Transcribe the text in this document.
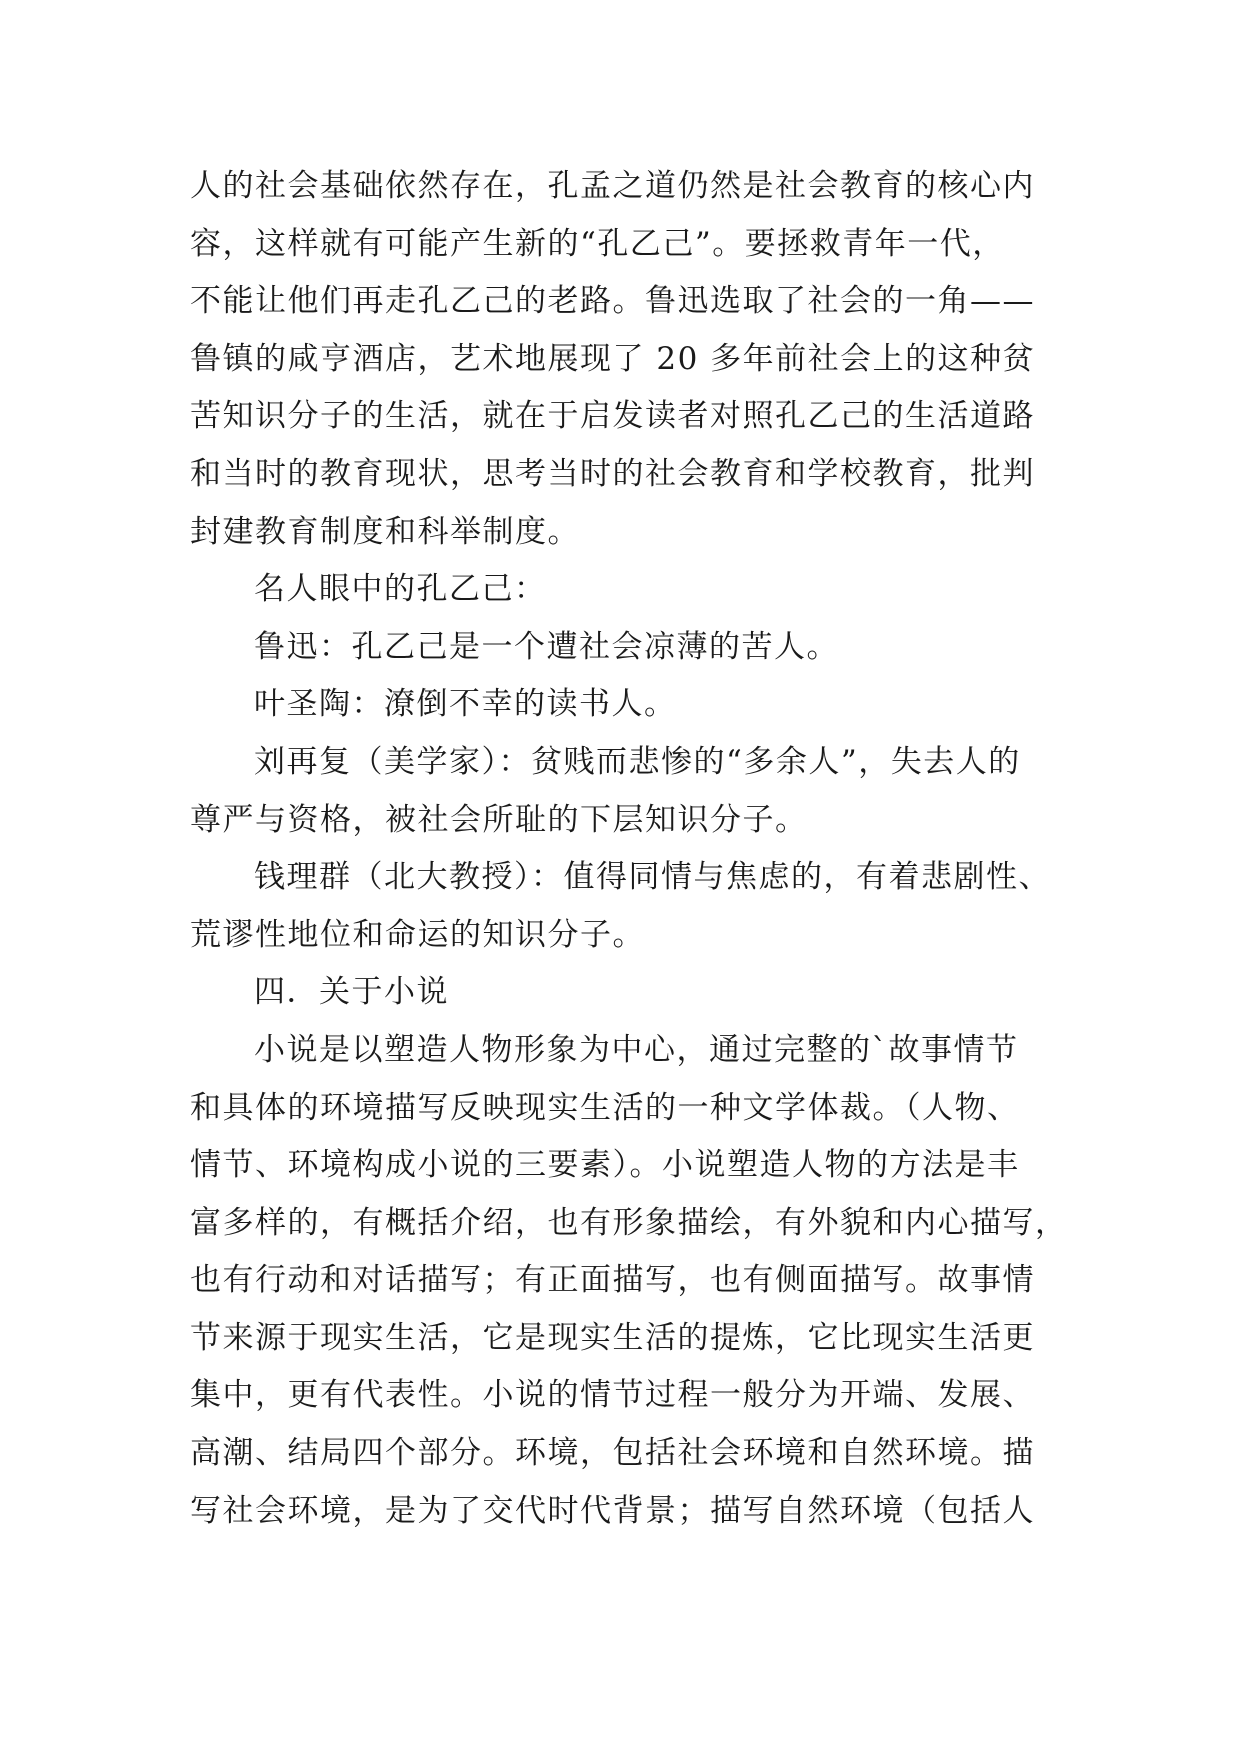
人的社会基础依然存在，孔孟之道仍然是社会教育的核心内
容，这样就有可能产生新的“孔乙己”。要拯救青年一代，
不能让他们再走孔乙己的老路。鲁迅选取了社会的一角——
鲁镇的咸亨酒店，艺术地展现了 20 多年前社会上的这种贫
苦知识分子的生活，就在于启发读者对照孔乙己的生活道路
和当时的教育现状，思考当时的社会教育和学校教育，批判
封建教育制度和科举制度。
名人眼中的孔乙己：
鲁迅：孔乙己是一个遭社会凉薄的苦人。
叶圣陶：潦倒不幸的读书人。
刘再复（美学家）：贫贱而悲惨的“多余人”，失去人的
尊严与资格，被社会所耻的下层知识分子。
钱理群（北大教授）：值得同情与焦虑的，有着悲剧性、
荒谬性地位和命运的知识分子。
四．关于小说
小说是以塑造人物形象为中心，通过完整的`故事情节
和具体的环境描写反映现实生活的一种文学体裁。（人物、
情节、环境构成小说的三要素）。小说塑造人物的方法是丰
富多样的，有概括介绍，也有形象描绘，有外貌和内心描写，
也有行动和对话描写；有正面描写，也有侧面描写。故事情
节来源于现实生活，它是现实生活的提炼，它比现实生活更
集中，更有代表性。小说的情节过程一般分为开端、发展、
高潮、结局四个部分。环境，包括社会环境和自然环境。描
写社会环境，是为了交代时代背景；描写自然环境（包括人
